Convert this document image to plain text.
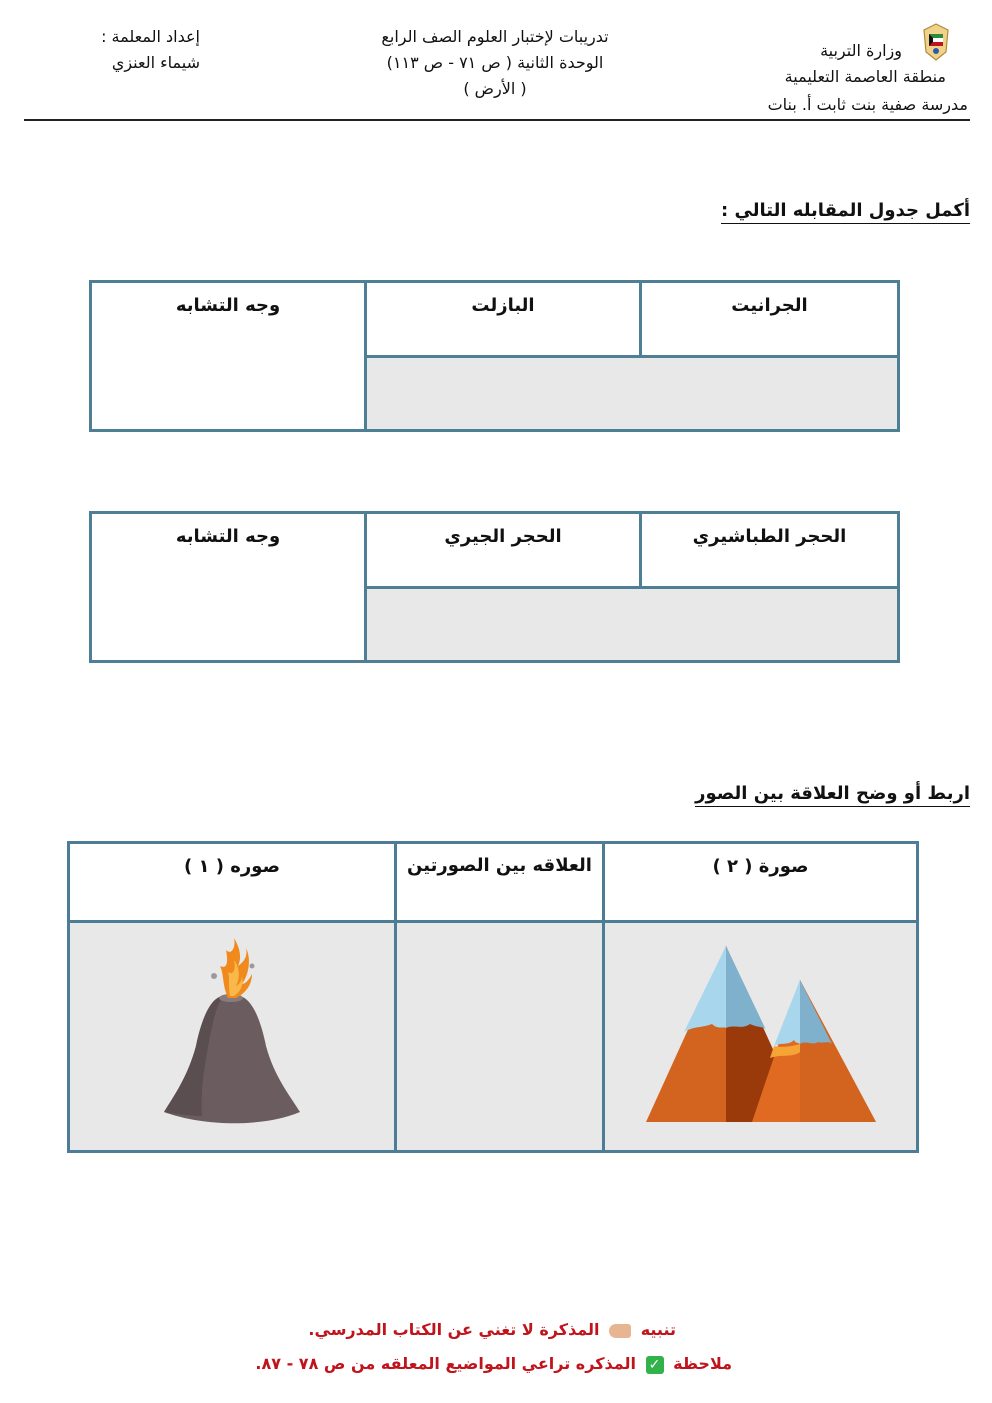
وزارة التربية
منطقة العاصمة التعليمية
مدرسة صفية بنت ثابت أ. بنات
تدريبات لإختبار العلوم الصف الرابع
الوحدة الثانية ( ص ٧١ - ص ١١٣)
( الأرض )
إعداد المعلمة :
شيماء العنزي
أكمل جدول المقابله التالي :
وجه التشابه	البازلت	الجرانيت

وجه التشابه	الحجر الجيري	الحجر الطباشيري

اربط أو وضح العلاقة بين الصور
صوره ( ١ )	العلاقه بين الصورتين	صورة ( ٢ )

تنبيه  المذكرة لا تغني عن الكتاب المدرسي.
ملاحظة ✓ المذكره تراعي المواضيع المعلقه من ص ٧٨ - ٨٧.
